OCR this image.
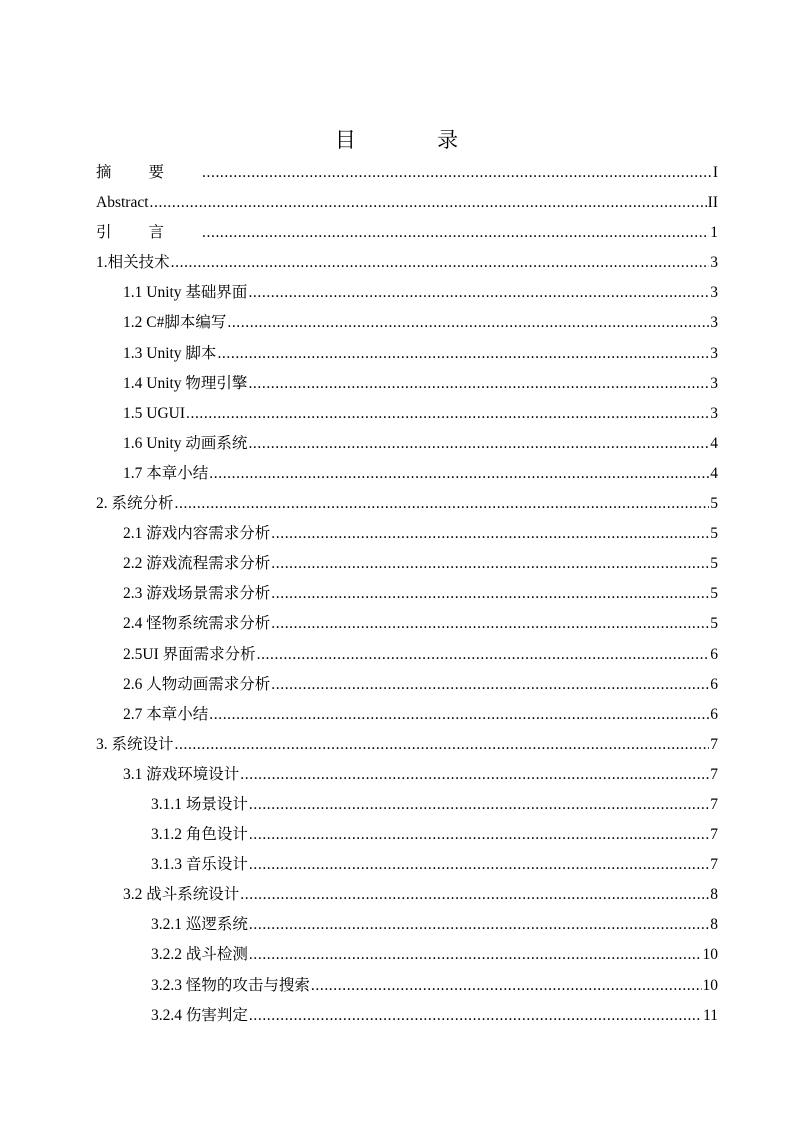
目 录
摘要 .....	I
Abstract .....	II
引言 .....	1
1.相关技术 .....	3
1.1 Unity 基础界面 .....	3
1.2 C#脚本编写 .....	3
1.3 Unity 脚本 .....	3
1.4 Unity 物理引擎 .....	3
1.5 UGUI .....	3
1.6 Unity 动画系统 .....	4
1.7 本章小结 .....	4
2. 系统分析 .....	5
2.1 游戏内容需求分析 .....	5
2.2 游戏流程需求分析 .....	5
2.3 游戏场景需求分析 .....	5
2.4 怪物系统需求分析 .....	5
2.5UI 界面需求分析 .....	6
2.6 人物动画需求分析 .....	6
2.7 本章小结 .....	6
3. 系统设计 .....	7
3.1 游戏环境设计 .....	7
3.1.1 场景设计 .....	7
3.1.2 角色设计 .....	7
3.1.3 音乐设计 .....	7
3.2 战斗系统设计 .....	8
3.2.1 巡逻系统 .....	8
3.2.2 战斗检测 .....	10
3.2.3 怪物的攻击与搜索 .....	10
3.2.4 伤害判定 .....	11
